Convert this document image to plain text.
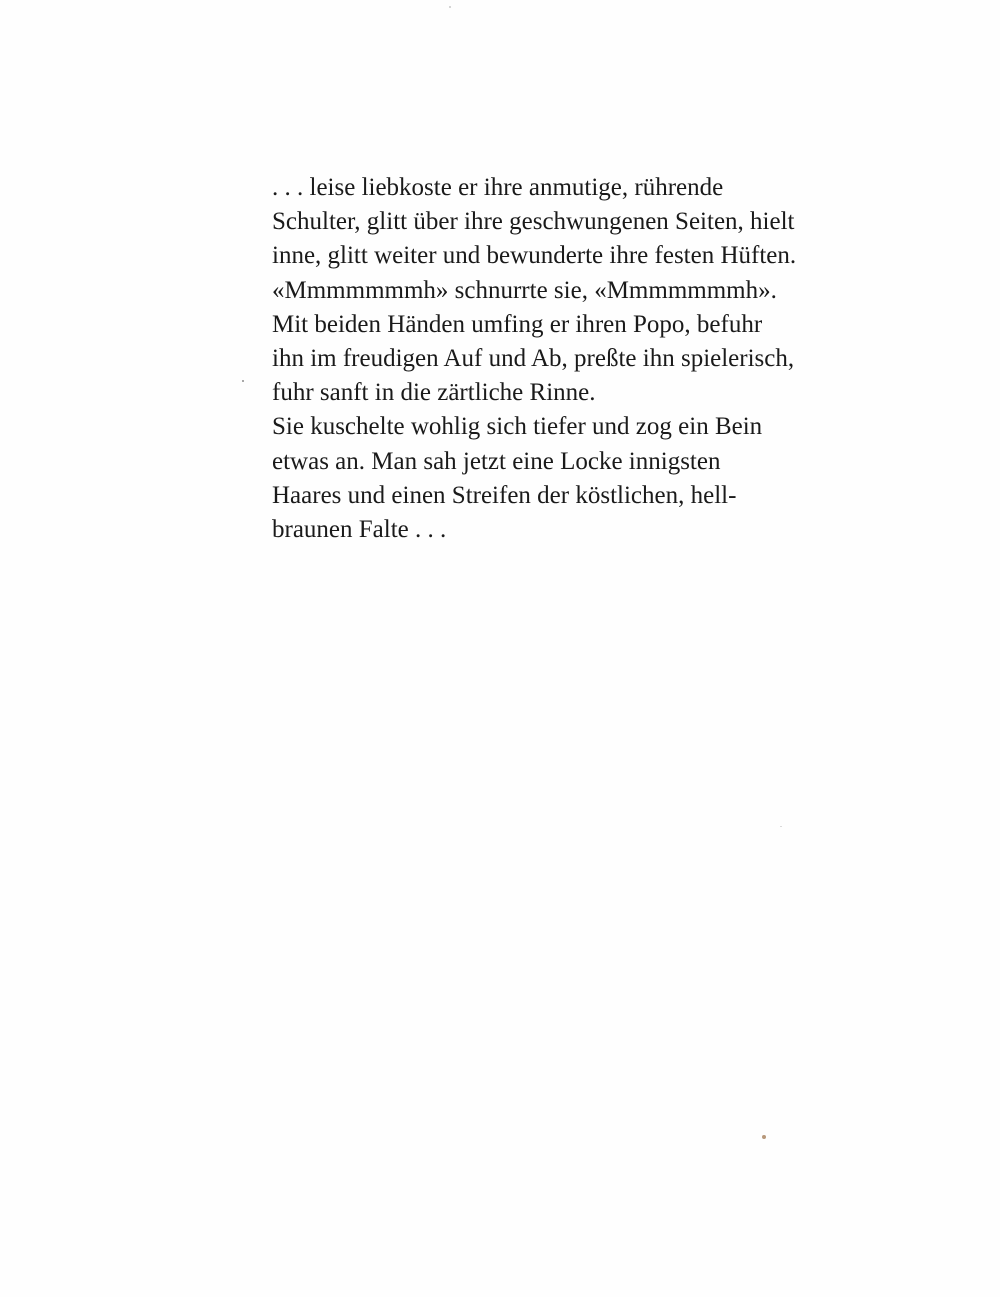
. . . leise liebkoste er ihre anmutige, rührende
Schulter, glitt über ihre geschwungenen Seiten, hielt
inne, glitt weiter und bewunderte ihre festen Hüften.
«Mmmmmmmh» schnurrte sie, «Mmmmmmmh».
Mit beiden Händen umfing er ihren Popo, befuhr
ihn im freudigen Auf und Ab, preßte ihn spielerisch,
fuhr sanft in die zärtliche Rinne.
Sie kuschelte wohlig sich tiefer und zog ein Bein
etwas an. Man sah jetzt eine Locke innigsten
Haares und einen Streifen der köstlichen, hell-
braunen Falte . . .
